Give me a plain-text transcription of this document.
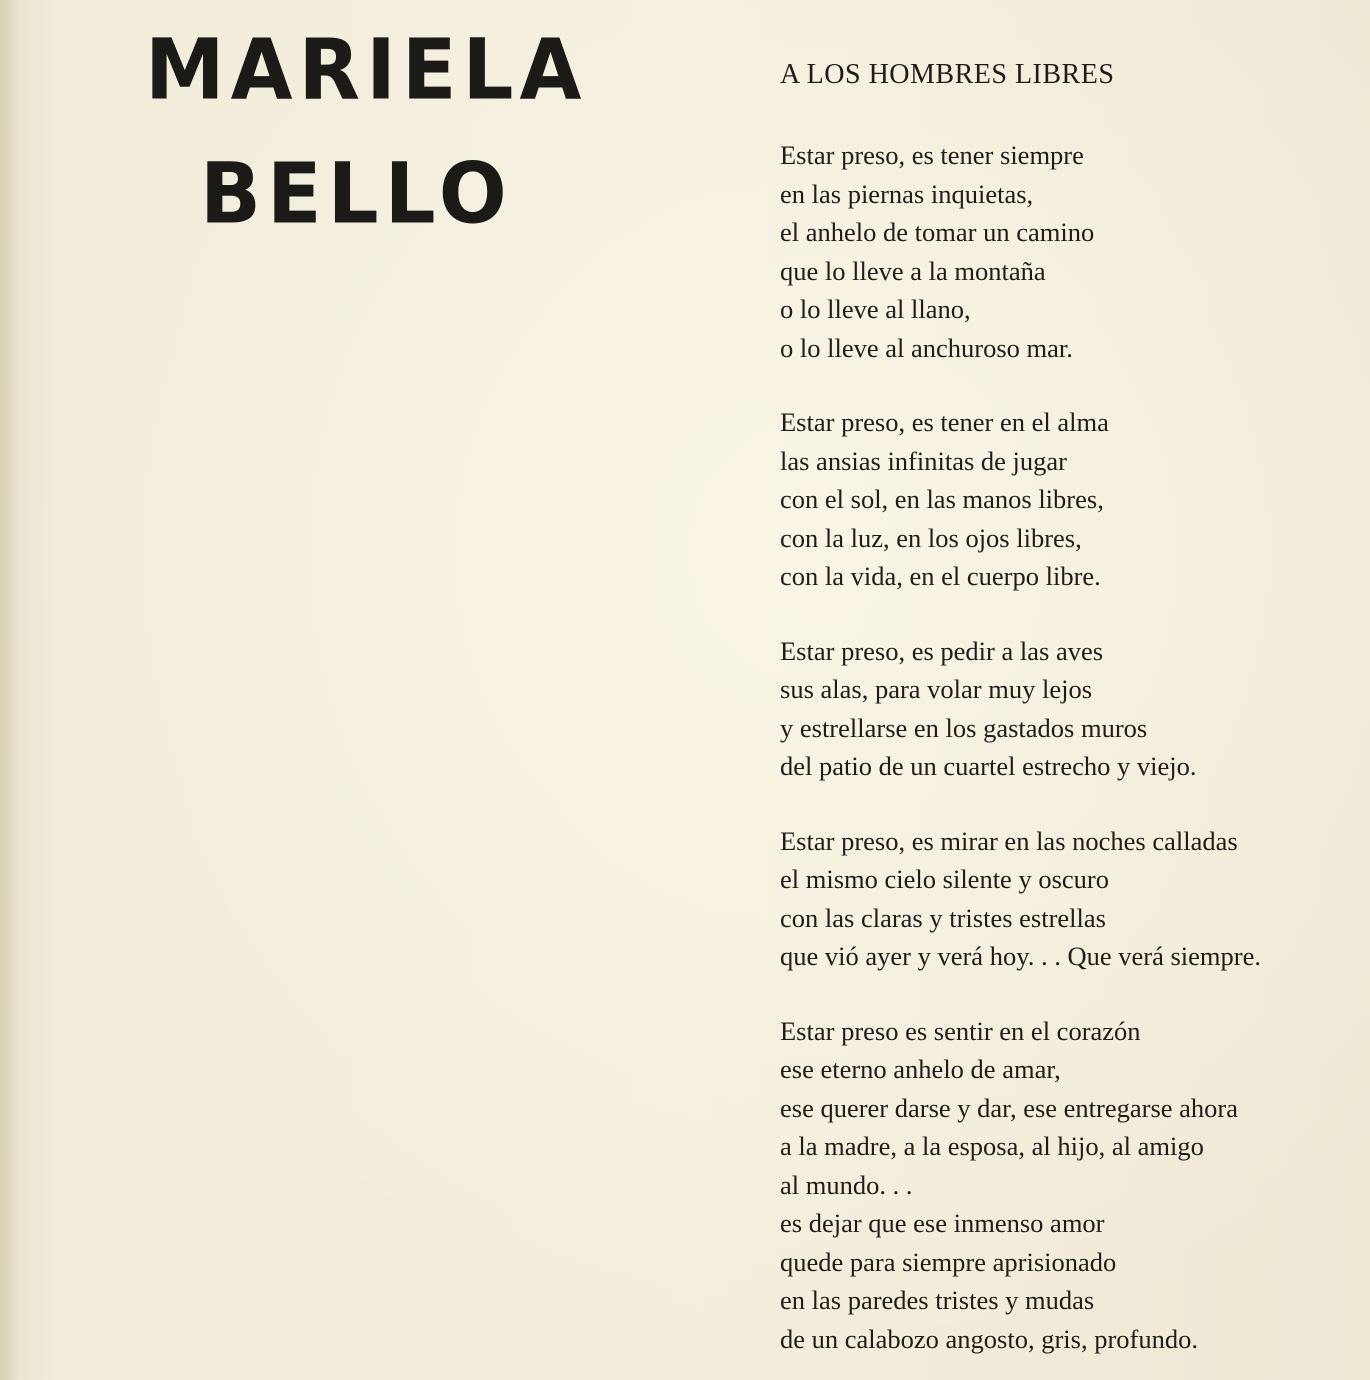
MARIELA
BELLO
A LOS HOMBRES LIBRES
Estar preso, es tener siempre
en las piernas inquietas,
el anhelo de tomar un camino
que lo lleve a la montaña
o lo lleve al llano,
o lo lleve al anchuroso mar.
Estar preso, es tener en el alma
las ansias infinitas de jugar
con el sol, en las manos libres,
con la luz, en los ojos libres,
con la vida, en el cuerpo libre.
Estar preso, es pedir a las aves
sus alas, para volar muy lejos
y estrellarse en los gastados muros
del patio de un cuartel estrecho y viejo.
Estar preso, es mirar en las noches calladas
el mismo cielo silente y oscuro
con las claras y tristes estrellas
que vió ayer y verá hoy. . . Que verá siempre.
Estar preso es sentir en el corazón
ese eterno anhelo de amar,
ese querer darse y dar, ese entregarse ahora
a la madre, a la esposa, al hijo, al amigo
al mundo. . .
es dejar que ese inmenso amor
quede para siempre aprisionado
en las paredes tristes y mudas
de un calabozo angosto, gris, profundo.
